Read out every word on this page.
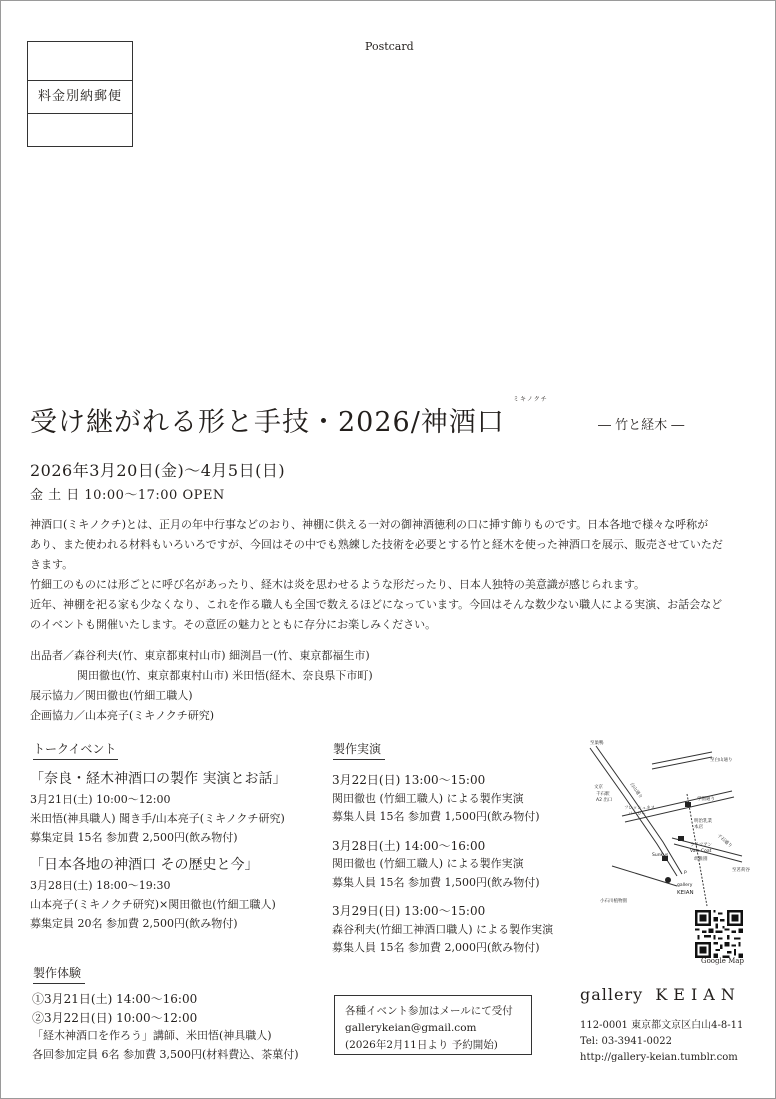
料金別納郵便
Postcard
受け継がれる形と手技・2026/神酒口
ミキノクチ
― 竹と経木 ―
2026年3月20日(金)～4月5日(日)
金 土 日 10:00～17:00 OPEN

神酒口(ミキノクチ)とは、正月の年中行事などのおり、神棚に供える一対の御神酒徳利の口に挿す飾りものです。日本各地で様々な呼称が

あり、また使われる材料もいろいろですが、今回はその中でも熟練した技術を必要とする竹と経木を使った神酒口を展示、販売させていただ

きます。

竹細工のものには形ごとに呼び名があったり、経木は炎を思わせるような形だったり、日本人独特の美意識が感じられます。

近年、神棚を祀る家も少なくなり、これを作る職人も全国で数えるほどになっています。今回はそんな数少ない職人による実演、お話会など

のイベントも開催いたします。その意匠の魅力とともに存分にお楽しみください。

出品者／森谷利夫(竹、東京都東村山市) 細渕昌一(竹、東京都福生市)
関田徹也(竹、東京都東村山市) 米田悟(経木、奈良県下市町)
展示協力／関田徹也(竹細工職人)
企画協力／山本亮子(ミキノクチ研究)
トークイベント
「奈良・経木神酒口の製作 実演とお話」
3月21日(土) 10:00～12:00
米田悟(神具職人) 聞き手/山本亮子(ミキノクチ研究)
募集定員 15名 参加費 2,500円(飲み物付)
「日本各地の神酒口 その歴史と今」
3月28日(土) 18:00～19:30
山本亮子(ミキノクチ研究)×関田徹也(竹細工職人)
募集定員 20名 参加費 2,500円(飲み物付)
製作実演
3月22日(日) 13:00～15:00
関田徹也 (竹細工職人) による製作実演
募集人員 15名 参加費 1,500円(飲み物付)
3月28日(土) 14:00～16:00
関田徹也 (竹細工職人) による製作実演
募集人員 15名 参加費 1,500円(飲み物付)
3月29日(日) 13:00～15:00
森谷利夫(竹細工神酒口職人) による製作実演
募集人員 15名 参加費 2,000円(飲み物付)
製作体験
①3月21日(土) 14:00～16:00
②3月22日(日) 10:00～12:00
「経木神酒口を作ろう」講師、米田悟(神具職人)
各回参加定員 6名 参加費 3,500円(材料費込、茶菓付)
各種イベント参加はメールにて受付
gallerykeian@gmail.com
(2026年2月11日より 予約開始)
gallery KEIAN
112-0001 東京都文京区白山4-8-11
Tel: 03-3941-0022
http://gallery-keian.tumblr.com
至巣鴨
白山通り
至白山通り
文京
千石駅
A2 出口	学園通り
フレッシュネス
バーガー
明治乳業
本店
ライフアン
Vale Coat
Sunkus
幼稚園
P
gallery
KEIAN
小石川植物園
至茗荷谷
千石通り
Google Map
